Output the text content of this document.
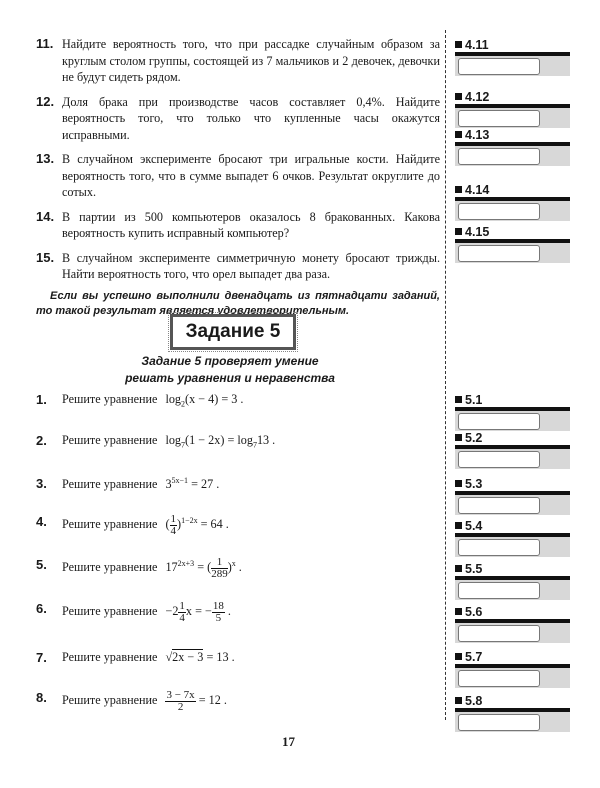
11. Найдите вероятность того, что при рассадке случайным образом за круглым столом группы, состоящей из 7 мальчиков и 2 девочек, девочки не будут сидеть рядом.
12. Доля брака при производстве часов составляет 0,4%. Найдите вероятность того, что только что купленные часы окажутся исправными.
13. В случайном эксперименте бросают три игральные кости. Найдите вероятность того, что в сумме выпадет 6 очков. Результат округлите до сотых.
14. В партии из 500 компьютеров оказалось 8 бракованных. Какова вероятность купить исправный компьютер?
15. В случайном эксперименте симметричную монету бросают трижды. Найти вероятность того, что орел выпадет два раза.
Если вы успешно выполнили двенадцать из пятнадцати заданий, то такой результат является удовлетворительным.
Задание 5
Задание 5 проверяет умение
решать уравнения и неравенства
1. Решите уравнение $\log_2(x - 4) = 3$ .
2. Решите уравнение $\log_7(1 - 2x) = \log_713$ .
3. Решите уравнение $3^{5x-1} = 27$ .
4. Решите уравнение ( $\frac{1}{4} )^{1-2x} = 64$ .
5. Решите уравнение $17^{2x+3}$ = ( $\frac{1}{289} )^x$ .
6. Решите уравнение $-2 \frac{1}{4}$ x = − $\frac{18}{5}$ .
7. Решите уравнение √2x − 3 = 13 .
8. Решите уравнение $\frac{3 - 7x}{2} = 12$ .
4.11
4.12
4.13
4.14
4.15
5.1
5.2
5.3
5.4
5.5
5.6
5.7
5.8
17
